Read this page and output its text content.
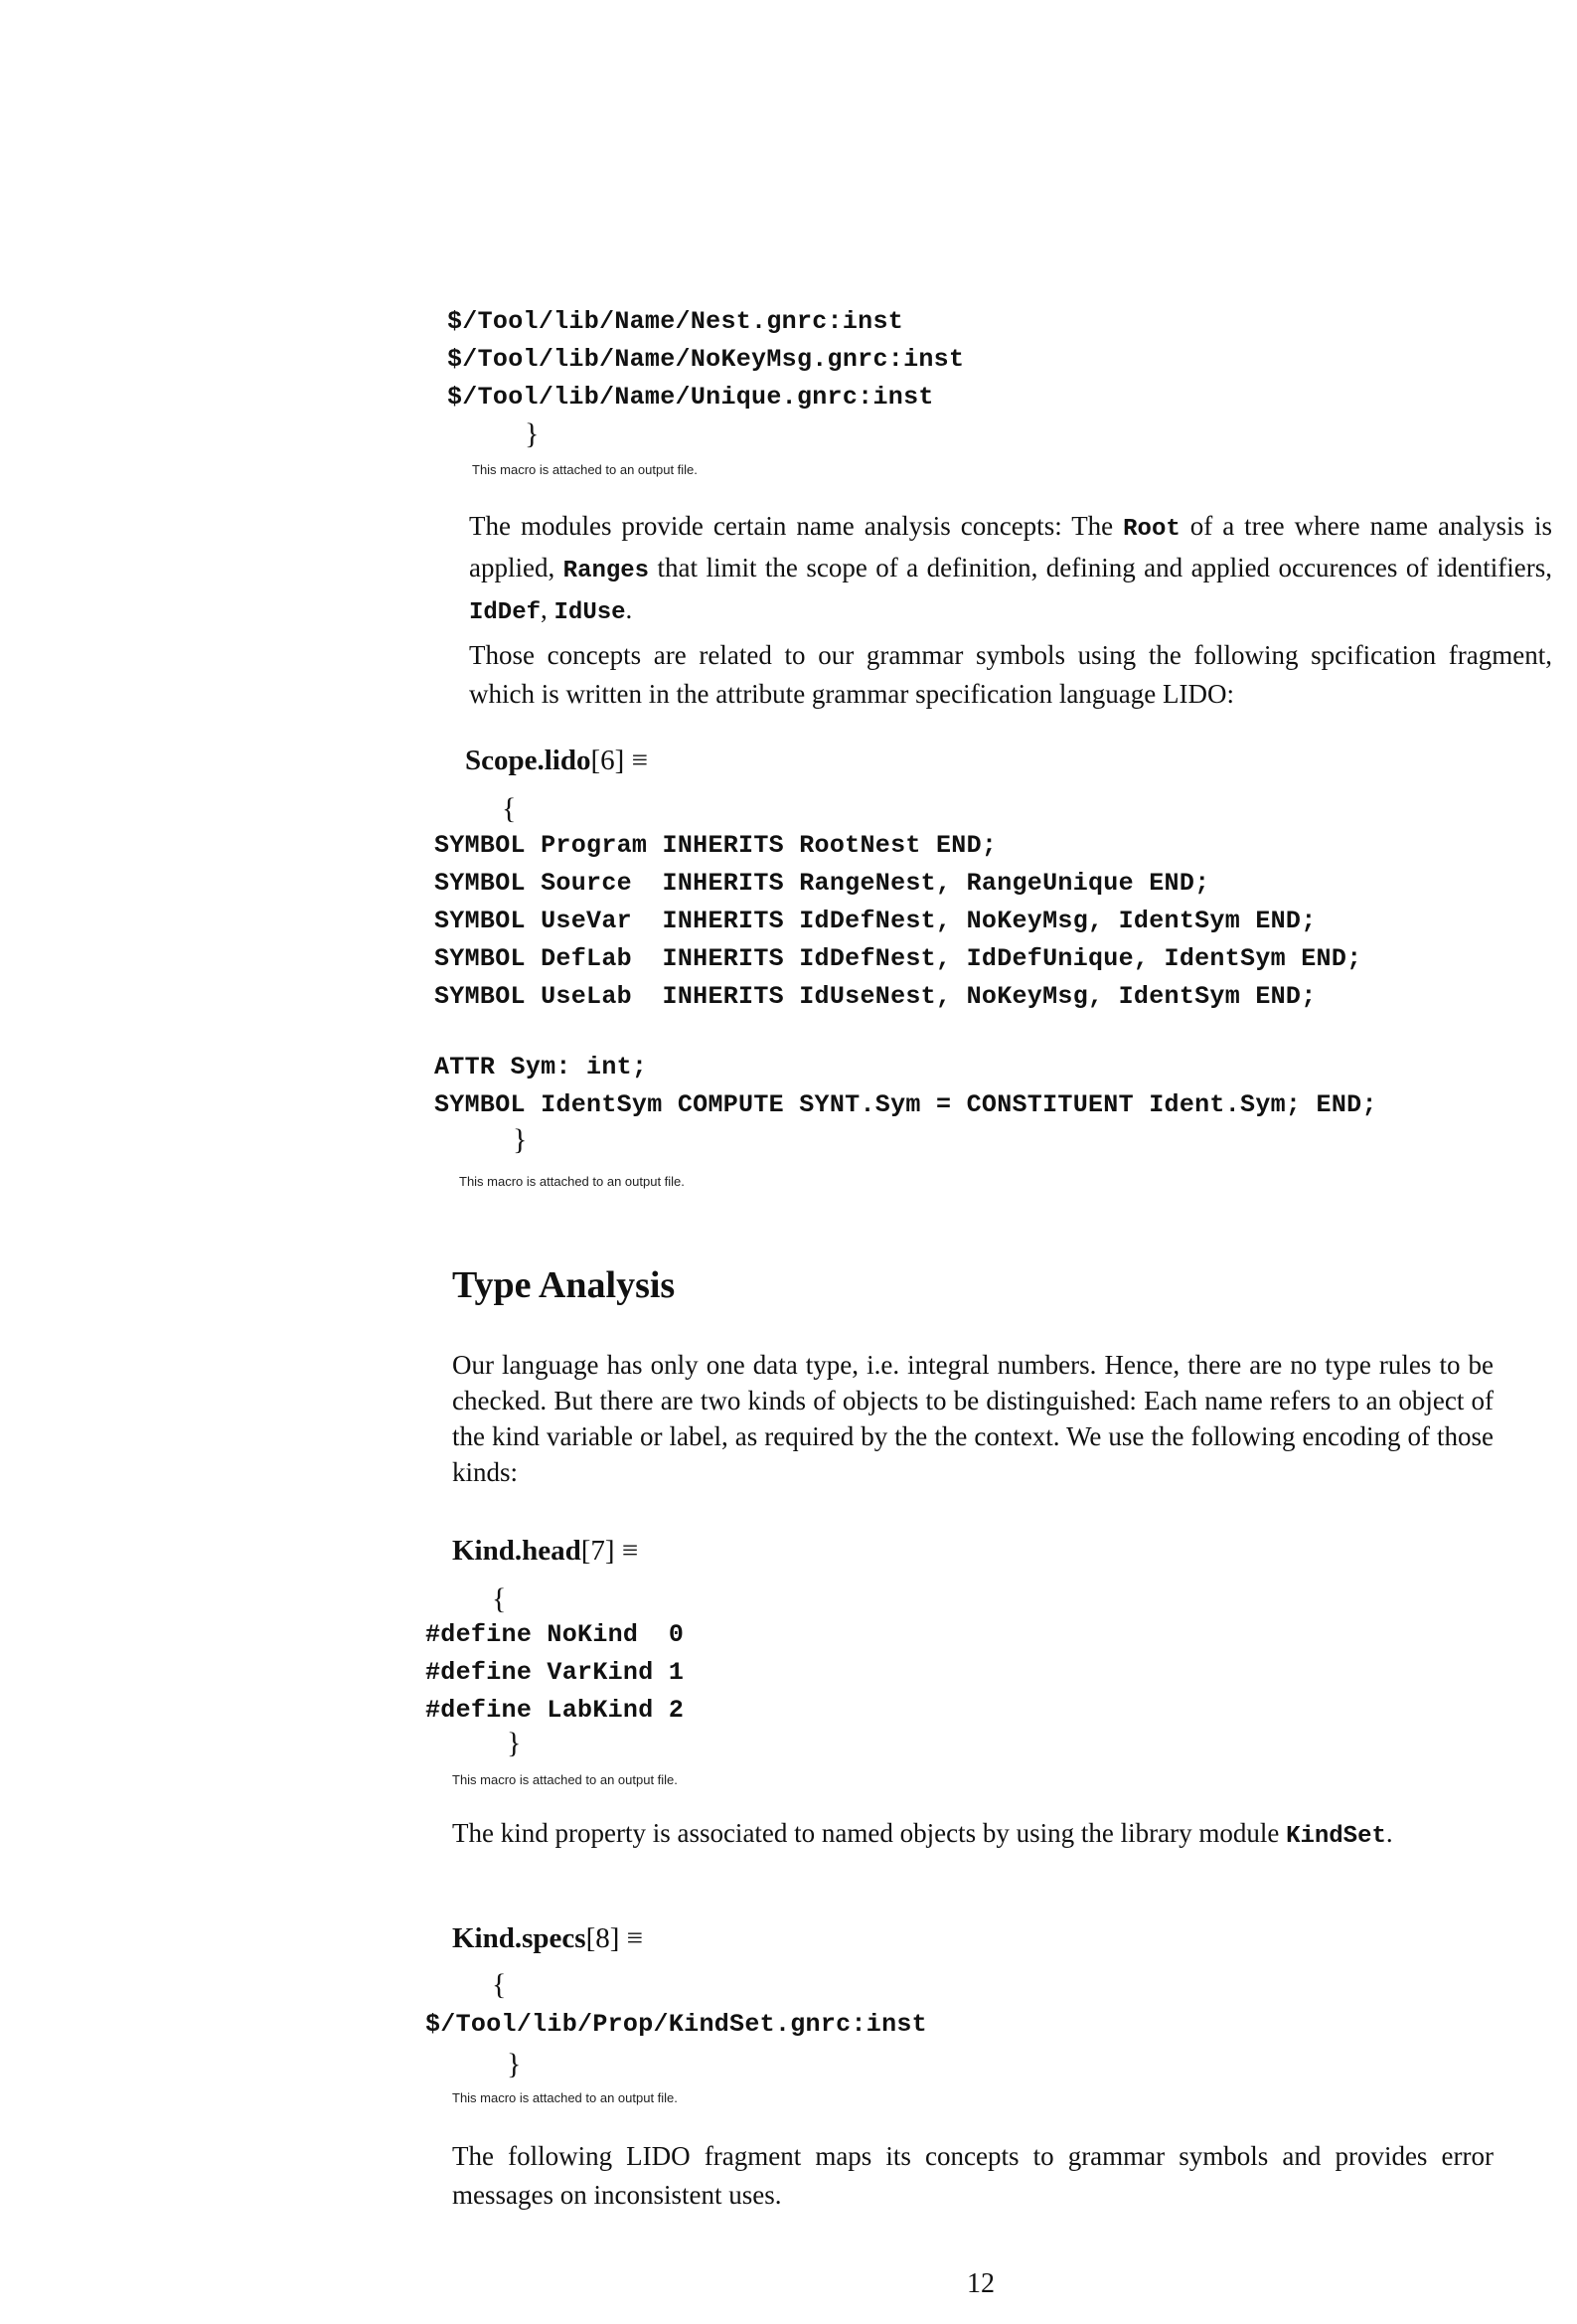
$/Tool/lib/Name/Nest.gnrc:inst
$/Tool/lib/Name/NoKeyMsg.gnrc:inst
$/Tool/lib/Name/Unique.gnrc:inst
}
This macro is attached to an output file.
The modules provide certain name analysis concepts: The Root of a tree where name analysis is applied, Ranges that limit the scope of a definition, defining and applied occurences of identifiers, IdDef, IdUse.
Those concepts are related to our grammar symbols using the following spcification fragment, which is written in the attribute grammar specification language LIDO:
Scope.lido[6] ≡
{
SYMBOL Program INHERITS RootNest END;
SYMBOL Source  INHERITS RangeNest, RangeUnique END;
SYMBOL UseVar  INHERITS IdDefNest, NoKeyMsg, IdentSym END;
SYMBOL DefLab  INHERITS IdDefNest, IdDefUnique, IdentSym END;
SYMBOL UseLab  INHERITS IdUseNest, NoKeyMsg, IdentSym END;
ATTR Sym: int;
SYMBOL IdentSym COMPUTE SYNT.Sym = CONSTITUENT Ident.Sym; END;
}
This macro is attached to an output file.
Type Analysis
Our language has only one data type, i.e. integral numbers. Hence, there are no type rules to be checked. But there are two kinds of objects to be distinguished: Each name refers to an object of the kind variable or label, as required by the the context. We use the following encoding of those kinds:
Kind.head[7] ≡
{
#define NoKind  0
#define VarKind 1
#define LabKind 2
}
This macro is attached to an output file.
The kind property is associated to named objects by using the library module KindSet.
Kind.specs[8] ≡
{
$/Tool/lib/Prop/KindSet.gnrc:inst
}
This macro is attached to an output file.
The following LIDO fragment maps its concepts to grammar symbols and provides error messages on inconsistent uses.
12
